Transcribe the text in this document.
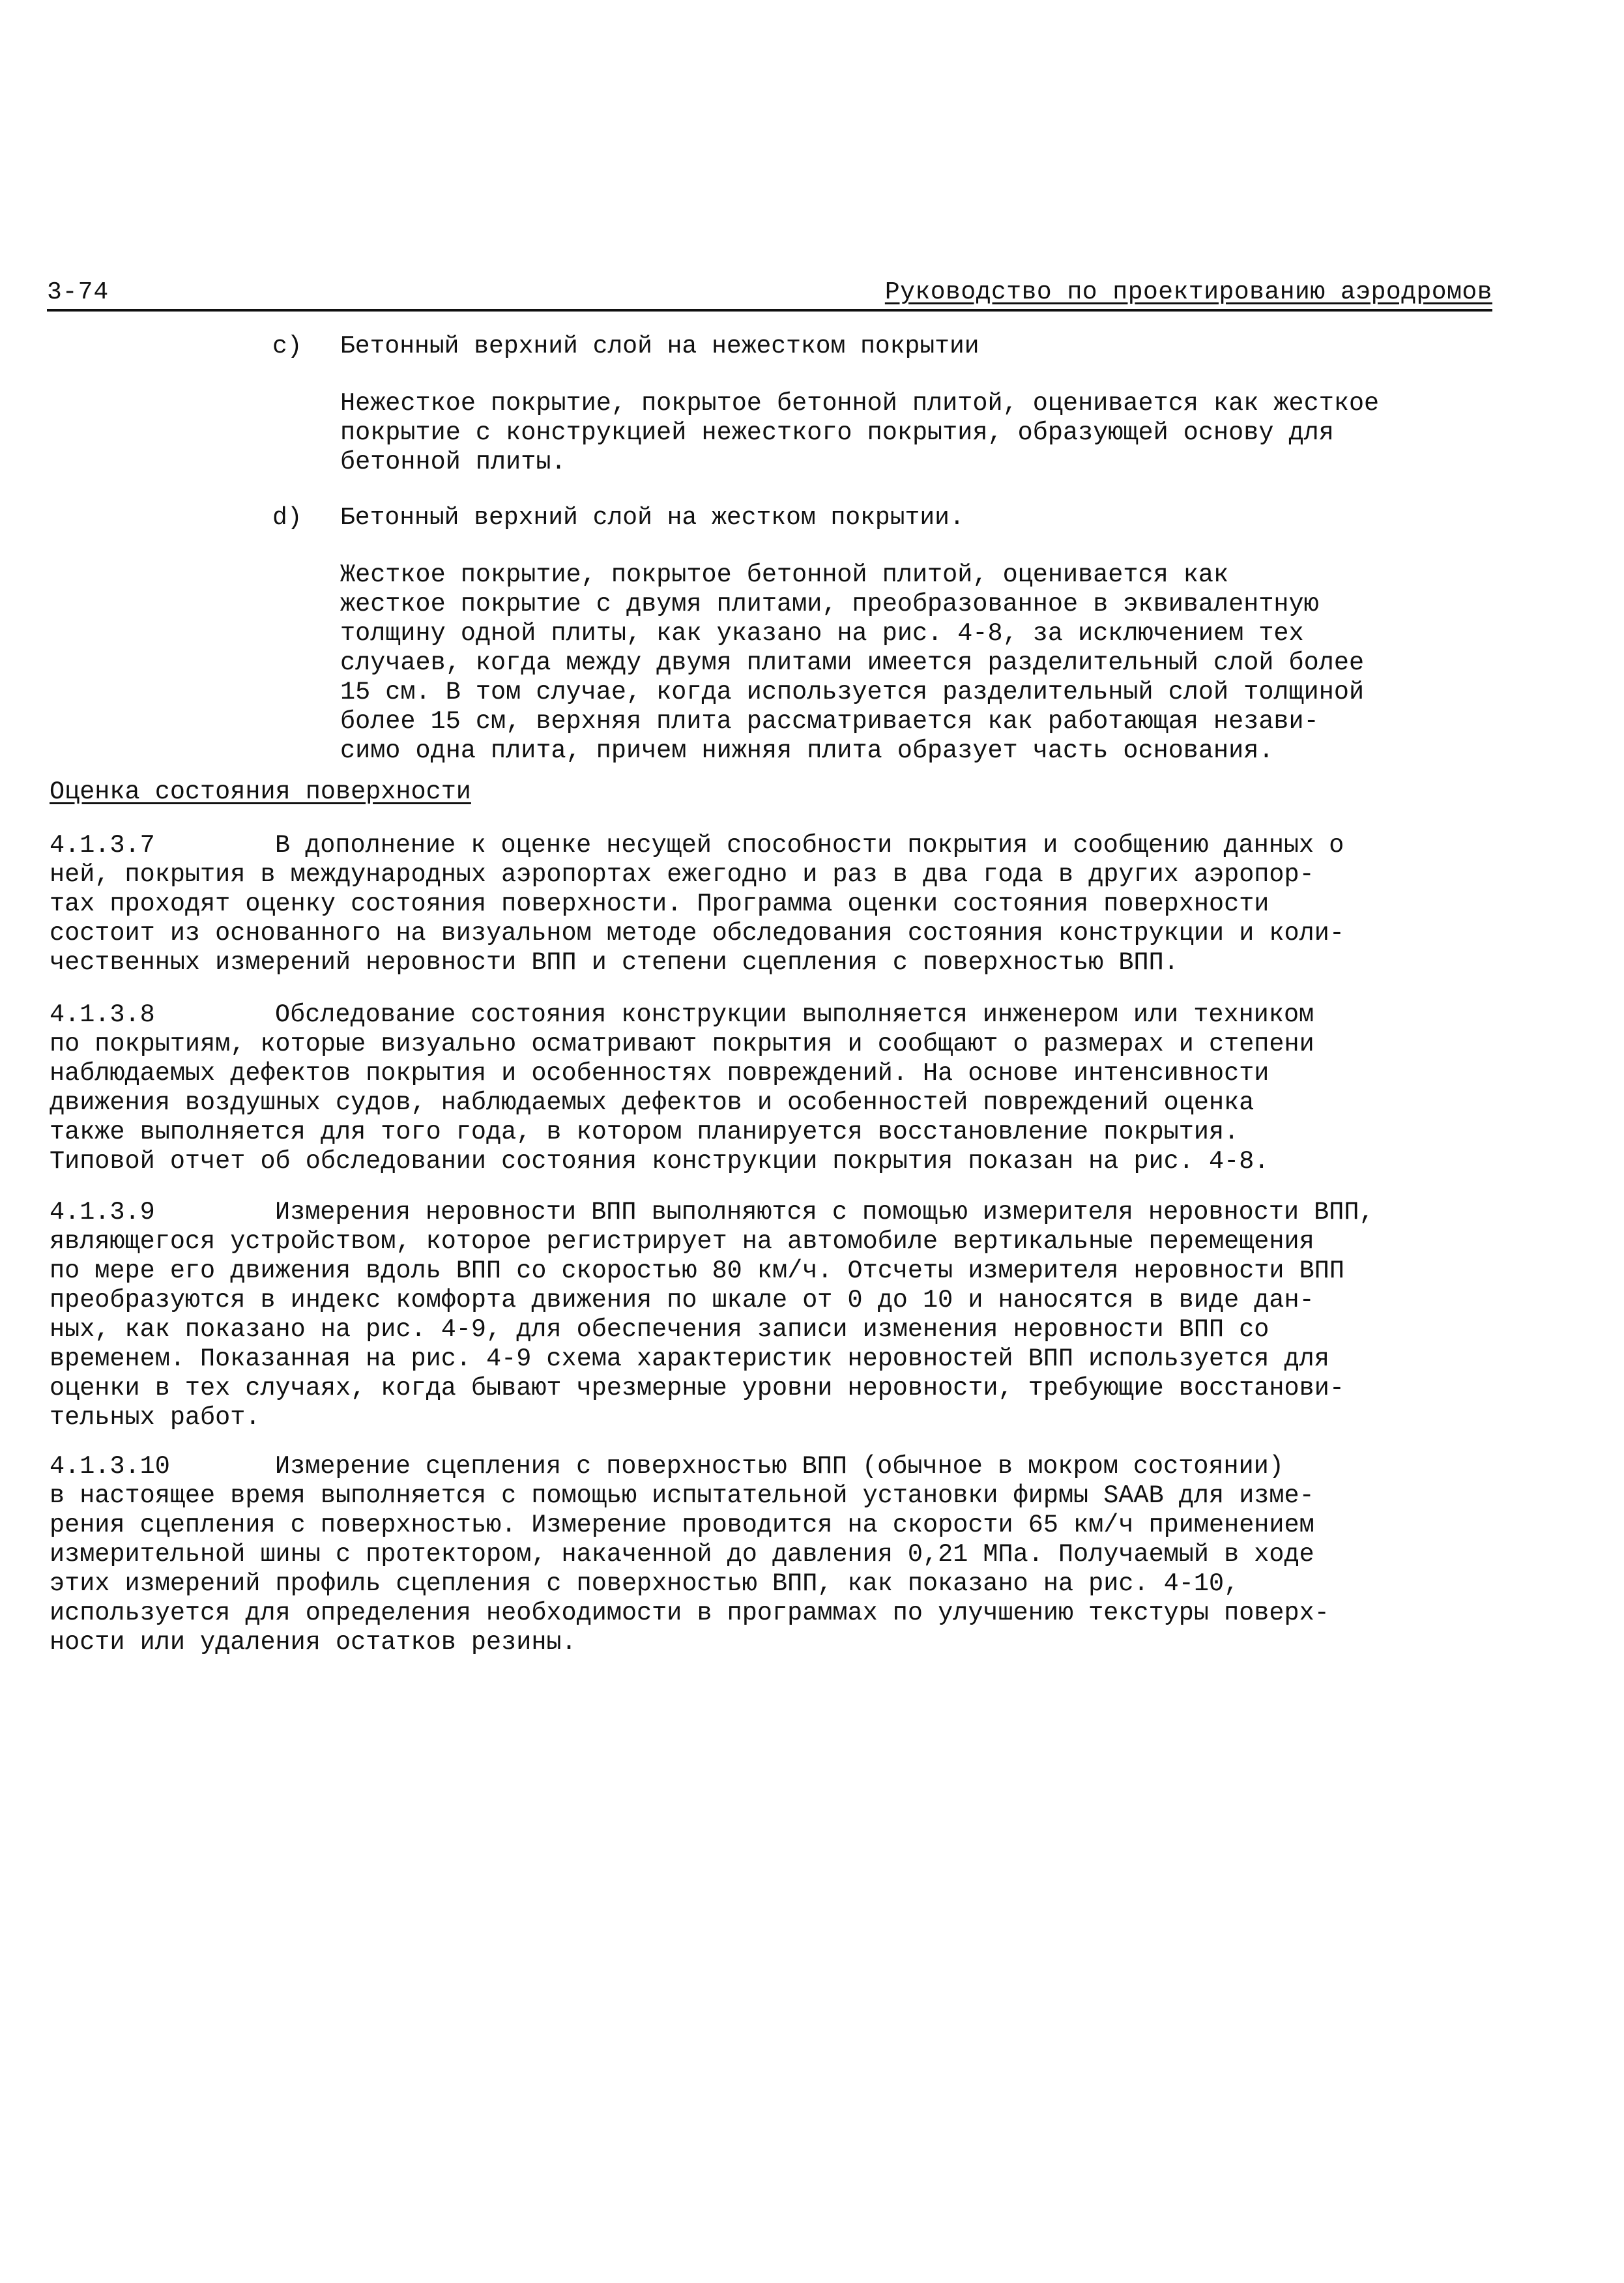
3-74	Руководство по проектированию аэродромов
c) Бетонный верхний слой на нежестком покрытии
Нежесткое покрытие, покрытое бетонной плитой, оценивается как жесткое
покрытие с конструкцией нежесткого покрытия, образующей основу для
бетонной плиты.
d) Бетонный верхний слой на жестком покрытии.
Жесткое покрытие, покрытое бетонной плитой, оценивается как
жесткое покрытие с двумя плитами, преобразованное в эквивалентную
толщину одной плиты, как указано на рис. 4-8, за исключением тех
случаев, когда между двумя плитами имеется разделительный слой более
15 см. В том случае, когда используется разделительный слой толщиной
более 15 см, верхняя плита рассматривается как работающая незави-
симо одна плита, причем нижняя плита образует часть основания.
Оценка состояния поверхности
4.1.3.7	В дополнение к оценке несущей способности покрытия и сообщению данных о
ней, покрытия в международных аэропортах ежегодно и раз в два года в других аэропор-
тах проходят оценку состояния поверхности. Программа оценки состояния поверхности
состоит из основанного на визуальном методе обследования состояния конструкции и коли-
чественных измерений неровности ВПП и степени сцепления с поверхностью ВПП.
4.1.3.8	Обследование состояния конструкции выполняется инженером или техником
по покрытиям, которые визуально осматривают покрытия и сообщают о размерах и степени
наблюдаемых дефектов покрытия и особенностях повреждений. На основе интенсивности
движения воздушных судов, наблюдаемых дефектов и особенностей повреждений оценка
также выполняется для того года, в котором планируется восстановление покрытия.
Типовой отчет об обследовании состояния конструкции покрытия показан на рис. 4-8.
4.1.3.9	Измерения неровности ВПП выполняются с помощью измерителя неровности ВПП,
являющегося устройством, которое регистрирует на автомобиле вертикальные перемещения
по мере его движения вдоль ВПП со скоростью 80 км/ч. Отсчеты измерителя неровности ВПП
преобразуются в индекс комфорта движения по шкале от 0 до 10 и наносятся в виде дан-
ных, как показано на рис. 4-9, для обеспечения записи изменения неровности ВПП со
временем. Показанная на рис. 4-9 схема характеристик неровностей ВПП используется для
оценки в тех случаях, когда бывают чрезмерные уровни неровности, требующие восстанови-
тельных работ.
4.1.3.10	Измерение сцепления с поверхностью ВПП (обычное в мокром состоянии)
в настоящее время выполняется с помощью испытательной установки фирмы SAAB для изме-
рения сцепления с поверхностью. Измерение проводится на скорости 65 км/ч применением
измерительной шины с протектором, накаченной до давления 0,21 МПа. Получаемый в ходе
этих измерений профиль сцепления с поверхностью ВПП, как показано на рис. 4-10,
используется для определения необходимости в программах по улучшению текстуры поверх-
ности или удаления остатков резины.
